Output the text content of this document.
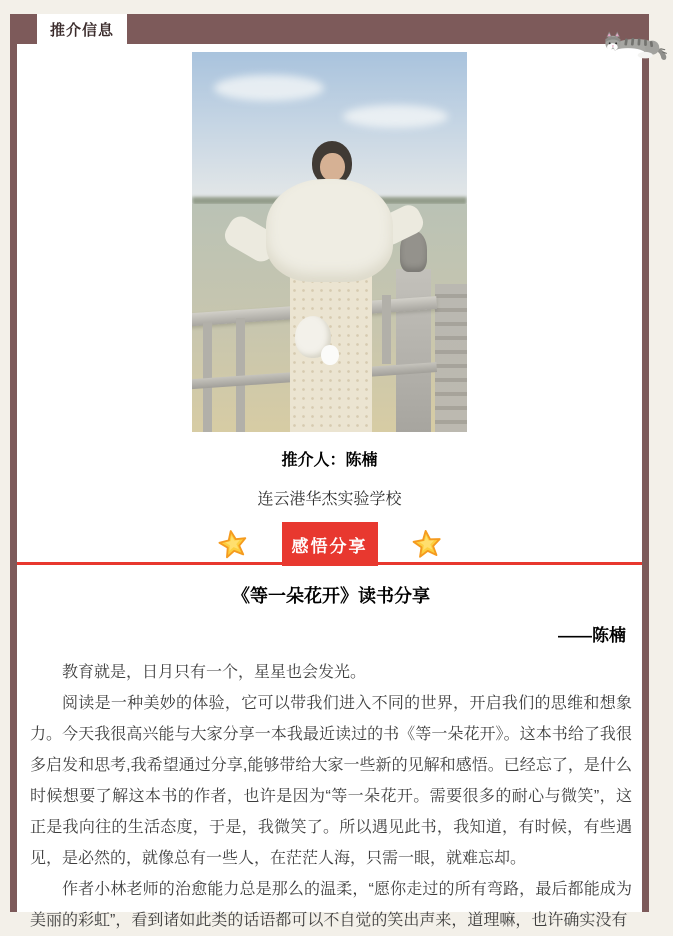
推介信息
推介人：陈楠
连云港华杰实验学校
感悟分享
《等一朵花开》读书分享
——陈楠

教育就是，日月只有一个，星星也会发光。

阅读是一种美妙的体验，它可以带我们进入不同的世界，开启我们的思维和想象力。今天我很高兴能与大家分享一本我最近读过的书《等一朵花开》。这本书给了我很多启发和思考,我希望通过分享,能够带给大家一些新的见解和感悟。已经忘了，是什么时候想要了解这本书的作者，也许是因为“等一朵花开。需要很多的耐心与微笑”，这正是我向往的生活态度，于是，我微笑了。所以遇见此书，我知道，有时候，有些遇见，是必然的，就像总有一些人，在茫茫人海，只需一眼，就难忘却。

作者小林老师的治愈能力总是那么的温柔，“愿你走过的所有弯路，最后都能成为美丽的彩虹”，看到诸如此类的话语都可以不自觉的笑出声来，道理嘛，也许确实没有
